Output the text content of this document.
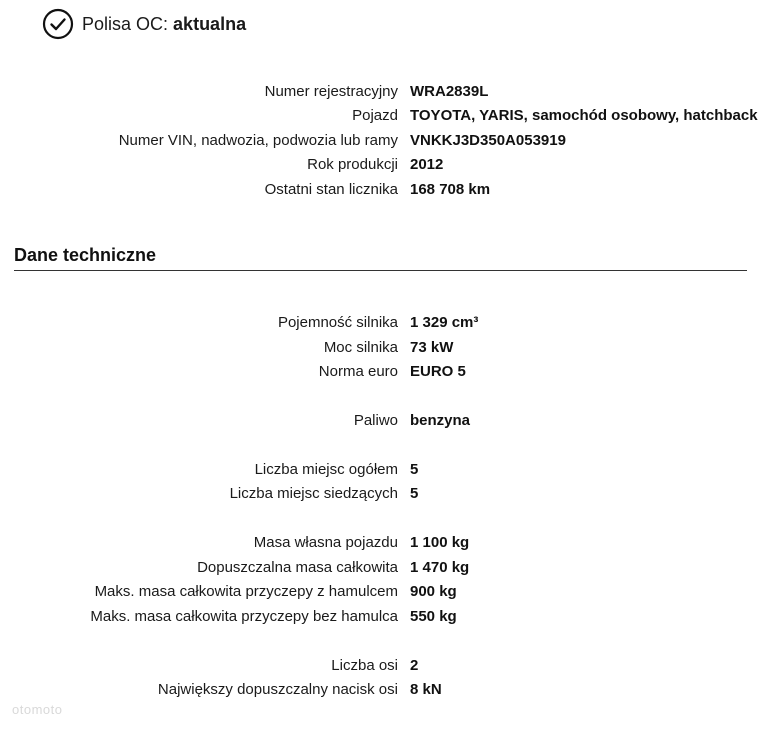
Polisa OC: aktualna
Numer rejestracyjny WRA2839L
Pojazd TOYOTA, YARIS, samochód osobowy, hatchback
Numer VIN, nadwozia, podwozia lub ramy VNKKJ3D350A053919
Rok produkcji 2012
Ostatni stan licznika 168 708 km
Dane techniczne
Pojemność silnika 1 329 cm³
Moc silnika 73 kW
Norma euro EURO 5
Paliwo benzyna
Liczba miejsc ogółem 5
Liczba miejsc siedzących 5
Masa własna pojazdu 1 100 kg
Dopuszczalna masa całkowita 1 470 kg
Maks. masa całkowita przyczepy z hamulcem 900 kg
Maks. masa całkowita przyczepy bez hamulca 550 kg
Liczba osi 2
Największy dopuszczalny nacisk osi 8 kN
otomoto
